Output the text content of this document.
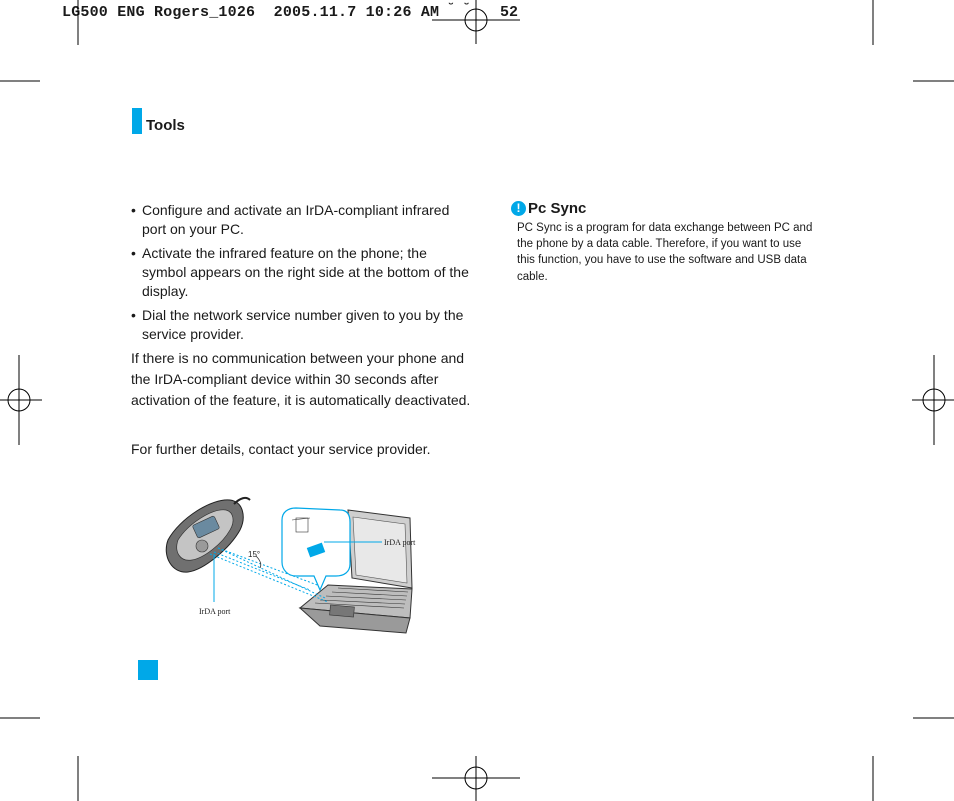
LG500 ENG Rogers_1026  2005.11.7 10:26 AM ˘ ˘ 52
Tools
• Configure and activate an IrDA-compliant infrared port on your PC.
• Activate the infrared feature on the phone; the symbol appears on the right side at the bottom of the display.
• Dial the network service number given to you by the service provider.
If there is no communication between your phone and the IrDA-compliant device within 30 seconds after activation of the feature, it is automatically deactivated.
For further details, contact your service provider.
! Pc Sync
PC Sync is a program for data exchange between PC and the phone by a data cable. Therefore, if you want to use this function, you have to use the software and USB data cable.
IrDA port
IrDA port
15°
